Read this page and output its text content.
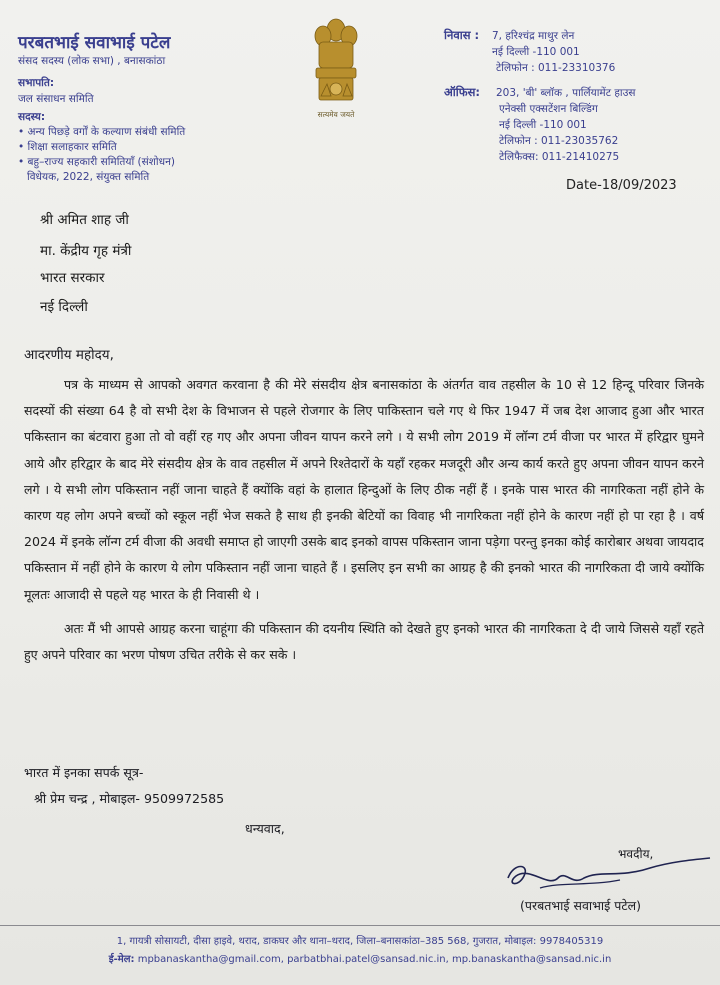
परबतभाई सवाभाई पटेल
संसद सदस्य (लोक सभा) , बनासकांठा
सभापति:
जल संसाधन समिति
सदस्य:
• अन्य पिछड़े वर्गों के कल्याण संबंधी समिति
• शिक्षा सलाहकार समिति
• बहु–राज्य सहकारी समितियाँ (संशोधन)
विधेयक, 2022, संयुक्त समिति
सत्यमेव जयते
निवास : 7, हरिश्चंद्र माथुर लेन
नई दिल्ली -110 001
टेलिफोन : 011-23310376
ऑफिस: 203, 'बी' ब्लॉक , पार्लियामेंट हाउस
एनेक्सी एक्सटेंशन बिल्डिंग
नई दिल्ली -110 001
टेलिफोन : 011-23035762
टेलिफैक्स: 011-21410275
Date-18/09/2023
श्री अमित शाह जी
मा. केंद्रीय गृह मंत्री
भारत सरकार
नई दिल्ली
आदरणीय महोदय,

पत्र के माध्यम से आपको अवगत करवाना है की मेरे संसदीय क्षेत्र बनासकांठा के अंतर्गत वाव तहसील के 10 से 12 हिन्दू परिवार जिनके सदस्यों की संख्या 64 है वो सभी देश के विभाजन से पहले रोजगार के लिए पाकिस्तान चले गए थे फिर 1947 में जब देश आजाद हुआ और भारत पकिस्तान का बंटवारा हुआ तो वो वहीं रह गए और अपना जीवन यापन करने लगे । ये सभी लोग 2019 में लॉन्ग टर्म वीजा पर भारत में हरिद्वार घुमने आये और हरिद्वार के बाद मेरे संसदीय क्षेत्र के वाव तहसील में अपने रिश्तेदारों के यहाँ रहकर मजदूरी और अन्य कार्य करते हुए अपना जीवन यापन करने लगे । ये सभी लोग पकिस्तान नहीं जाना चाहते हैं क्योंकि वहां के हालात हिन्दुओं के लिए ठीक नहीं हैं । इनके पास भारत की नागरिकता नहीं होने के कारण यह लोग अपने बच्चों को स्कूल नहीं भेज सकते है साथ ही इनकी बेटियों का विवाह भी नागरिकता नहीं होने के कारण नहीं हो पा रहा है । वर्ष 2024 में इनके लॉन्ग टर्म वीजा की अवधी समाप्त हो जाएगी उसके बाद इनको वापस पकिस्तान जाना पड़ेगा परन्तु इनका कोई कारोबार अथवा जायदाद पकिस्तान में नहीं होने के कारण ये लोग पकिस्तान नहीं जाना चाहते हैं । इसलिए इन सभी का आग्रह है की इनको भारत की नागरिकता दी जाये क्योंकि मूलतः आजादी से पहले यह भारत के ही निवासी थे ।

अतः मैं भी आपसे आग्रह करना चाहूंगा की पकिस्तान की दयनीय स्थिति को देखते हुए इनको भारत की नागरिकता दे दी जाये जिससे यहाँ रहते हुए अपने परिवार का भरण पोषण उचित तरीके से कर सके ।

भारत में इनका सपर्क सूत्र-
श्री प्रेम चन्द्र , मोबाइल- 9509972585
धन्यवाद,
भवदीय,
(परबतभाई सवाभाई पटेल)
1, गायत्री सोसायटी, दीसा हाइवे, थराद, डाकघर और थाना–थराद, जिला–बनासकांठा–385 568, गुजरात, मोबाइल: 9978405319
ई-मेल: mpbanaskantha@gmail.com, parbatbhai.patel@sansad.nic.in, mp.banaskantha@sansad.nic.in
